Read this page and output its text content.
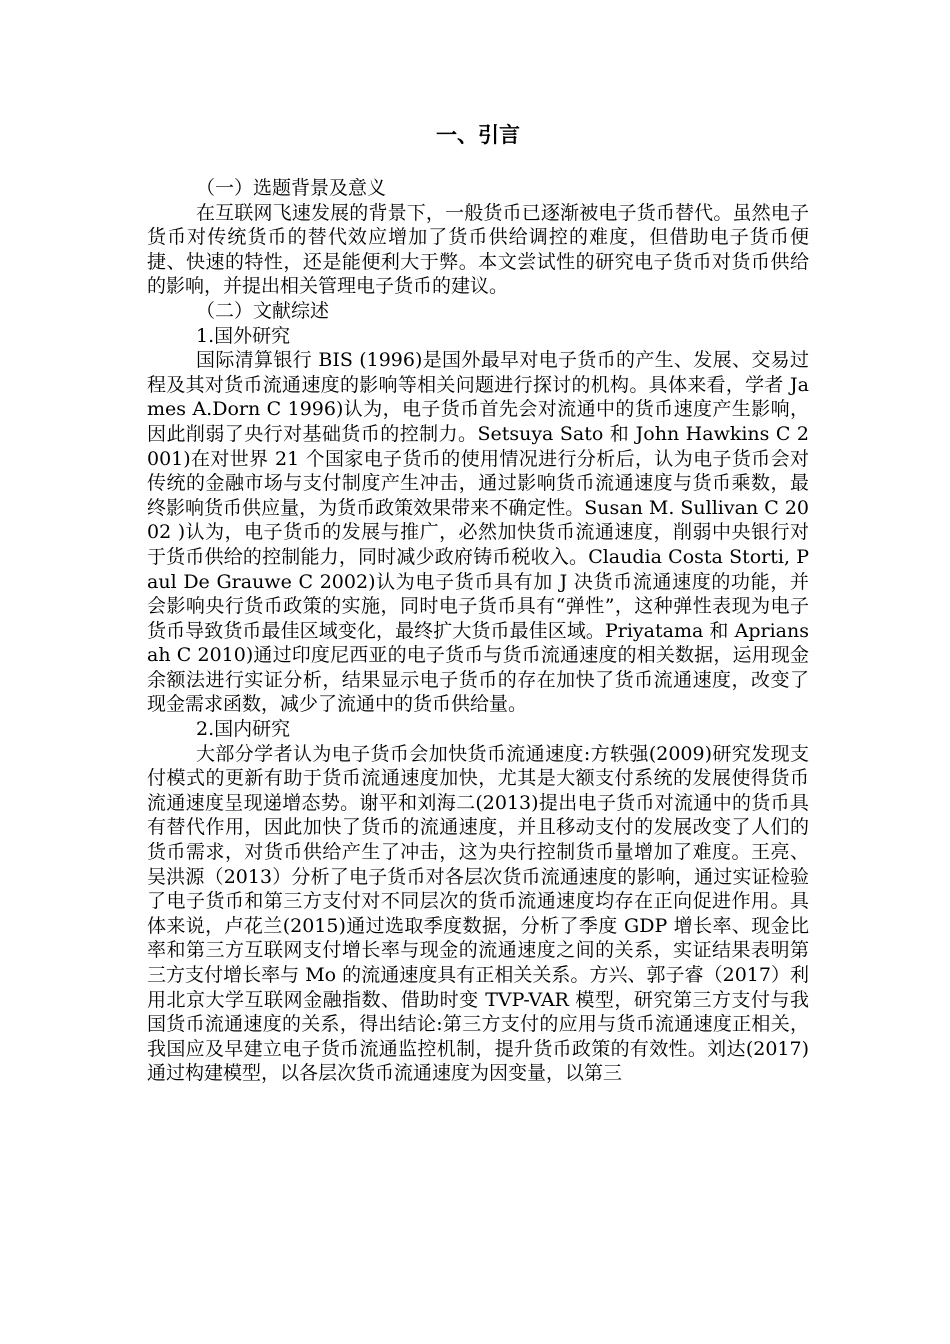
一、引言

（一）选题背景及意义

在互联网飞速发展的背景下，一般货币已逐渐被电子货币替代。虽然电子货币对传统货币的替代效应增加了货币供给调控的难度，但借助电子货币便捷、快速的特性，还是能便利大于弊。本文尝试性的研究电子货币对货币供给的影响，并提出相关管理电子货币的建议。

（二）文献综述

1.国外研究

国际清算银行 BIS (1996)是国外最早对电子货币的产生、发展、交易过程及其对货币流通速度的影响等相关问题进行探讨的机构。具体来看，学者 James A.Dorn C 1996)认为，电子货币首先会对流通中的货币速度产生影响，因此削弱了央行对基础货币的控制力。Setsuya Sato 和 John Hawkins C 2001)在对世界 21 个国家电子货币的使用情况进行分析后，认为电子货币会对传统的金融市场与支付制度产生冲击，通过影响货币流通速度与货币乘数，最终影响货币供应量，为货币政策效果带来不确定性。Susan M. Sullivan C 2002 )认为，电子货币的发展与推广，必然加快货币流通速度，削弱中央银行对于货币供给的控制能力，同时减少政府铸币税收入。Claudia Costa Storti, Paul De Grauwe C 2002)认为电子货币具有加 J 决货币流通速度的功能，并会影响央行货币政策的实施，同时电子货币具有“弹性”，这种弹性表现为电子货币导致货币最佳区域变化，最终扩大货币最佳区域。Priyatama 和 Apriansah C 2010)通过印度尼西亚的电子货币与货币流通速度的相关数据，运用现金余额法进行实证分析，结果显示电子货币的存在加快了货币流通速度，改变了现金需求函数，减少了流通中的货币供给量。

2.国内研究

大部分学者认为电子货币会加快货币流通速度:方轶强(2009)研究发现支付模式的更新有助于货币流通速度加快，尤其是大额支付系统的发展使得货币流通速度呈现递增态势。谢平和刘海二(2013)提出电子货币对流通中的货币具有替代作用，因此加快了货币的流通速度，并且移动支付的发展改变了人们的货币需求，对货币供给产生了冲击，这为央行控制货币量增加了难度。王亮、吴洪源（2013）分析了电子货币对各层次货币流通速度的影响，通过实证检验了电子货币和第三方支付对不同层次的货币流通速度均存在正向促进作用。具体来说，卢花兰(2015)通过选取季度数据，分析了季度 GDP 增长率、现金比率和第三方互联网支付增长率与现金的流通速度之间的关系，实证结果表明第三方支付增长率与 Mo 的流通速度具有正相关关系。方兴、郭子睿（2017）利用北京大学互联网金融指数、借助时变 TVP-VAR 模型，研究第三方支付与我国货币流通速度的关系，得出结论:第三方支付的应用与货币流通速度正相关，我国应及早建立电子货币流通监控机制，提升货币政策的有效性。刘达(2017)通过构建模型，以各层次货币流通速度为因变量，以第三
